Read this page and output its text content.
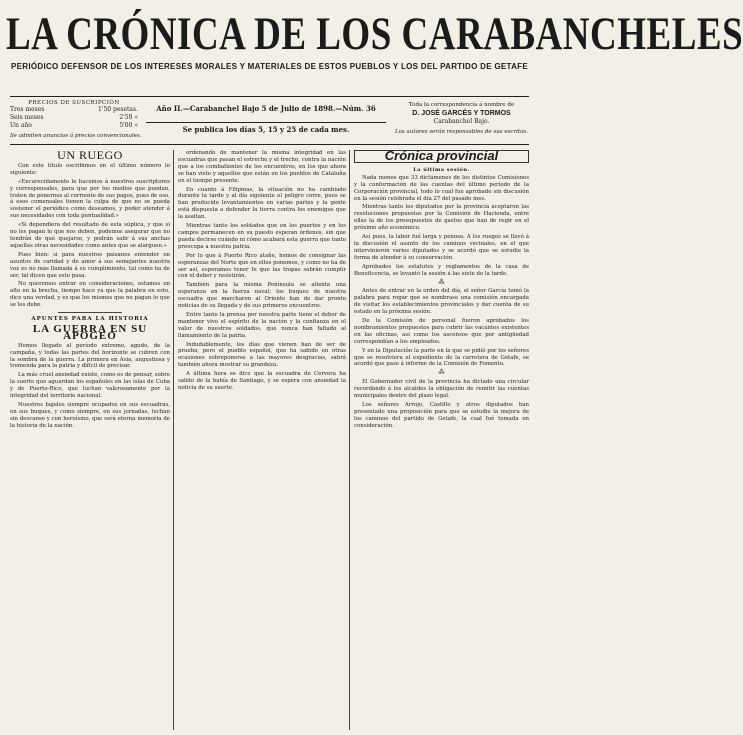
LA CRÓNICA DE LOS CARABANCHELES
PERIÓDICO DEFENSOR DE LOS INTERESES MORALES Y MATERIALES DE ESTOS PUEBLOS Y LOS DEL PARTIDO DE GETAFE
PRECIOS DE SUSCRIPCIÓN
Tres meses	1'50 pesetas.
Seis meses	2'50 »
Un año	5'00 »
Se admiten anuncios á precios convencionales.
Año II.—Carabanchel Bajo 5 de Julio de 1898.—Núm. 36
Se publica los días 5, 15 y 25 de cada mes.
Toda la correspondencia á nombre de
D. JOSÉ GARCÉS Y TORMOS
Carabanchel Bajo.
Los autores serán responsables de sus escritos.
UN RUEGO

Con este título escribimos en el último número lo siguiente:

«Encarecidamente le hacemos á nuestros suscriptores y corresponsales, para que por los medios que puedan, traten de ponernos al corriente de sus pagos, pues de eso, á esos comensales tienen la culpa de que no se pueda sostener el periódico como deseamos, y poder atender á sus necesidades con toda puntualidad.»

«Si dependiera del resultado de esta súplica, y que si no les pagan lo que nos deben, podemos asegurar que no tendrán de qué quejarse, y podrán salir á sus anchas aquellas otras necesidades como antes que se alarguen.»

Pues bien: si para nuestros paisanos entender en asuntos de caridad y de amor á sus semejantes nuestra voz es no más llamada á su cumplimiento, tal como ha de ser, tal dicen que esto pasa.

No queremos entrar en consideraciones, estamos en alto en la brecha, tiempo hace ya que la palabra en esto, dice una verdad, y es que los mismos que no pagan lo que se les debe.

APUNTES PARA LA HISTORIA
LA GUERRA EN SU APOGEO

Hemos llegado al período extremo, agudo, de la campaña, y todas las partes del horizonte se cubren con la sombra de la guerra. La primera en Asia, angustiosa y tremenda para la patria y difícil de precisar.

La más cruel ansiedad existe, como es de pensar, sobre la suerte que aguardan los españoles en las islas de Cuba y de Puerto-Rico, que luchan valerosamente por la integridad del territorio nacional.

Nuestros bajeles siempre ocupados en sus escuadras, en sus buques, y como siempre, en sus jornadas, luchan sin descanso y con heroísmo, que será eterna memoria de la historia de la nación.

ordenando de mantener la misma integridad en las escuadras que pasan el estrecho y el trecho, contra la nación que a los combatientes de los encuentros, en los que ahora se han visto y aquellos que están en los pueblos de Cataluña en el tiempo presente.

En cuanto á Filipinas, la situación no ha cambiado durante la tarde y al día siguiente el peligro corre, pues se han producido levantamientos en varias partes y la gente está dispuesta a defender la tierra contra los enemigos que la asaltan.

Mientras tanto los soldados que en los puertos y en los campos permanecen en su puesto esperan órdenes, sin que pueda decirse cuándo ni cómo acabará esta guerra que tanto preocupa a nuestra patria.

Por lo que á Puerto Rico atañe, hemos de consignar las esperanzas del Norte que en ellos ponemos, y como no ha de ser así, esperamos tener fe que las tropas sabrán cumplir con el deber y resistirán.

También para la misma Península se alienta una esperanza en la fuerza naval; los buques de nuestra escuadra que marcharon al Oriente han de dar pronto noticias de su llegada y de sus primeros encuentros.

Entre tanto la prensa por nuestra parte tiene el deber de mantener vivo el espíritu de la nación y la confianza en el valor de nuestros soldados, que nunca han faltado al llamamiento de la patria.

Indudablemente, los días que vienen han de ser de prueba, pero el pueblo español, que ha sabido en otras ocasiones sobreponerse a las mayores desgracias, sabrá también ahora mostrar su grandeza.

A última hora se dice que la escuadra de Cervera ha salido de la bahía de Santiago, y se espera con ansiedad la noticia de su suerte.

Crónica provincial
La última sesión.

Nada menos que 33 dictámenes de los distintos Comisiones y la conformación de las cuentas del último período de la Corporación provincial, todo lo cual fue aprobado sin discusión en la sesión celebrada el día 27 del pasado mes.

Mientras tanto los diputados por la provincia aceptaron las resoluciones propuestas por la Comisión de Hacienda, entre ellas la de los presupuestos de gastos que han de regir en el próximo año económico.

Así pues, la labor fué larga y penosa. A los ruegos se llevó á la discusión el asunto de los caminos vecinales, en el que intervinieron varios diputados y se acordó que se estudie la forma de atender á su conservación.

Aprobados los estatutos y reglamentos de la casa de Beneficencia, se levantó la sesión á las siete de la tarde.

⁂

Antes de entrar en la orden del día, el señor García tomó la palabra para rogar que se nombrase una comisión encargada de visitar los establecimientos provinciales y dar cuenta de su estado en la próxima sesión.

De la Comisión de personal fueron aprobados los nombramientos propuestos para cubrir las vacantes existentes en las oficinas, así como los ascensos que por antigüedad correspondían a los empleados.

Y en la Diputación la parte en la que se pidió por los señores que se resolviera el expediente de la carretera de Getafe, se acordó que pase á informe de la Comisión de Fomento.

⁂

El Gobernador civil de la provincia ha dictado una circular recordando á los alcaldes la obligación de remitir las cuentas municipales dentro del plazo legal.

Los señores Arrojo, Castillo y otros diputados han presentado una proposición para que se estudie la mejora de los caminos del partido de Getafe, la cual fué tomada en consideración.
